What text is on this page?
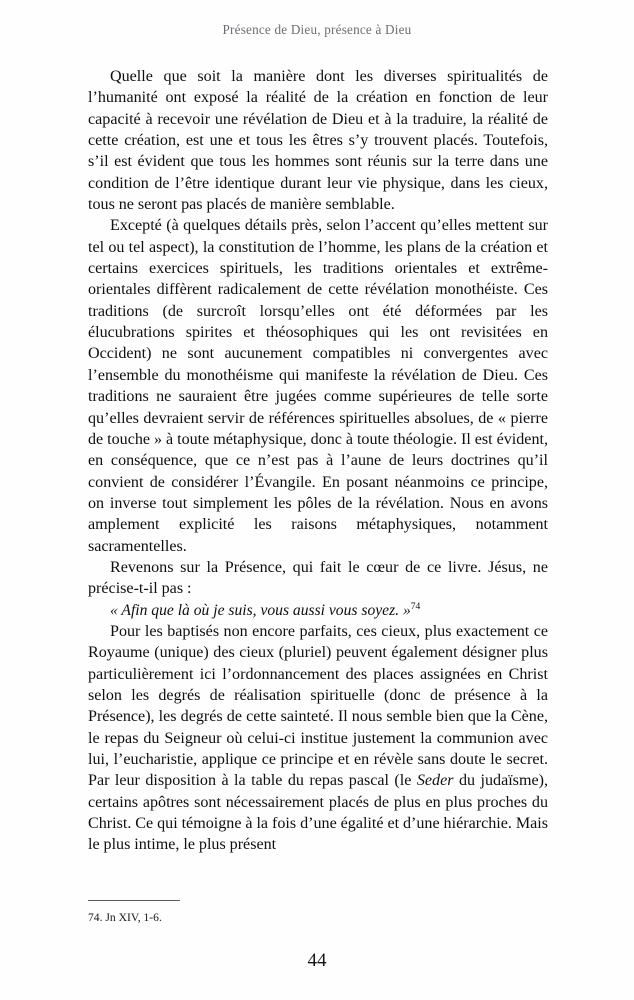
Présence de Dieu, présence à Dieu

Quelle que soit la manière dont les diverses spiritualités de l’humanité ont exposé la réalité de la création en fonction de leur capacité à recevoir une révélation de Dieu et à la traduire, la réalité de cette création, est une et tous les êtres s’y trouvent placés. Toutefois, s’il est évident que tous les hommes sont réunis sur la terre dans une condition de l’être identique durant leur vie physique, dans les cieux, tous ne seront pas placés de manière semblable.

Excepté (à quelques détails près, selon l’accent qu’elles mettent sur tel ou tel aspect), la constitution de l’homme, les plans de la création et certains exercices spirituels, les traditions orientales et extrême-orientales diffèrent radicalement de cette révélation monothéiste. Ces traditions (de surcroît lorsqu’elles ont été déformées par les élucubrations spirites et théosophiques qui les ont revisitées en Occident) ne sont aucunement compatibles ni convergentes avec l’ensemble du monothéisme qui manifeste la révélation de Dieu. Ces traditions ne sauraient être jugées comme supérieures de telle sorte qu’elles devraient servir de références spirituelles absolues, de « pierre de touche » à toute métaphysique, donc à toute théologie. Il est évident, en conséquence, que ce n’est pas à l’aune de leurs doctrines qu’il convient de considérer l’Évangile. En posant néanmoins ce principe, on inverse tout simplement les pôles de la révélation. Nous en avons amplement explicité les raisons métaphysiques, notamment sacramentelles.

Revenons sur la Présence, qui fait le cœur de ce livre. Jésus, ne précise-t-il pas :

« Afin que là où je suis, vous aussi vous soyez. »$^{74}$

Pour les baptisés non encore parfaits, ces cieux, plus exactement ce Royaume (unique) des cieux (pluriel) peuvent également désigner plus particulièrement ici l’ordonnancement des places assignées en Christ selon les degrés de réalisation spirituelle (donc de présence à la Présence), les degrés de cette sainteté. Il nous semble bien que la Cène, le repas du Seigneur où celui-ci institue justement la communion avec lui, l’eucharistie, applique ce principe et en révèle sans doute le secret. Par leur disposition à la table du repas pascal (le Seder du judaïsme), certains apôtres sont nécessairement placés de plus en plus proches du Christ. Ce qui témoigne à la fois d’une égalité et d’une hiérarchie. Mais le plus intime, le plus présent

74. Jn XIV, 1-6.

44
